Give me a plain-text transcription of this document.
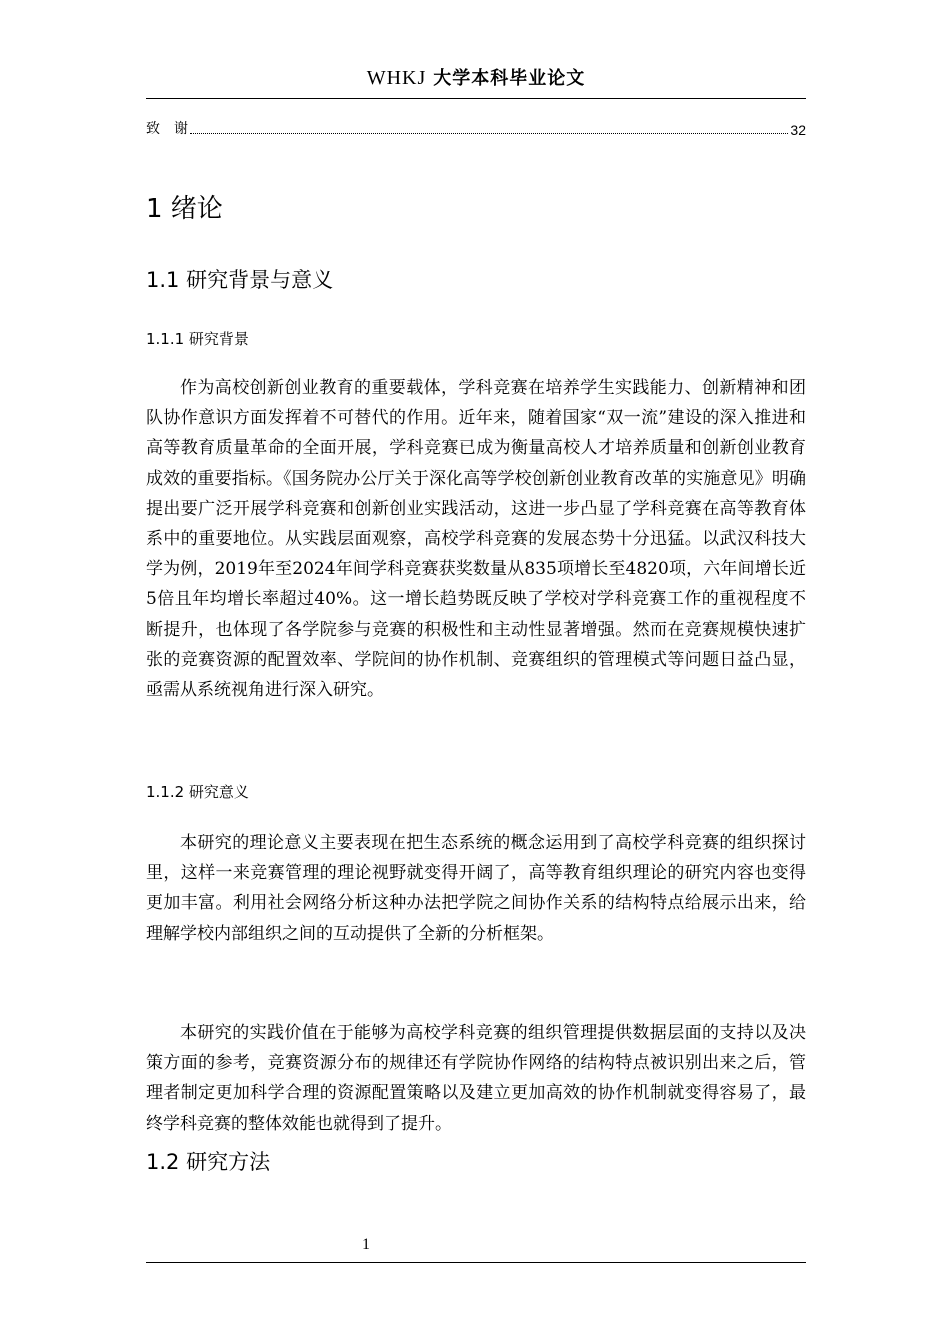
WHKJ 大学本科毕业论文
致　谢	32
1 绪论
1.1 研究背景与意义
1.1.1 研究背景
作为高校创新创业教育的重要载体，学科竞赛在培养学生实践能力、创新精神和团队协作意识方面发挥着不可替代的作用。近年来，随着国家“双一流”建设的深入推进和高等教育质量革命的全面开展，学科竞赛已成为衡量高校人才培养质量和创新创业教育成效的重要指标。《国务院办公厅关于深化高等学校创新创业教育改革的实施意见》明确提出要广泛开展学科竞赛和创新创业实践活动，这进一步凸显了学科竞赛在高等教育体系中的重要地位。从实践层面观察，高校学科竞赛的发展态势十分迅猛。以武汉科技大学为例，2019年至2024年间学科竞赛获奖数量从835项增长至4820项，六年间增长近5倍且年均增长率超过40%。这一增长趋势既反映了学校对学科竞赛工作的重视程度不断提升，也体现了各学院参与竞赛的积极性和主动性显著增强。然而在竞赛规模快速扩张的竞赛资源的配置效率、学院间的协作机制、竞赛组织的管理模式等问题日益凸显，亟需从系统视角进行深入研究。
1.1.2 研究意义
本研究的理论意义主要表现在把生态系统的概念运用到了高校学科竞赛的组织探讨里，这样一来竞赛管理的理论视野就变得开阔了，高等教育组织理论的研究内容也变得更加丰富。利用社会网络分析这种办法把学院之间协作关系的结构特点给展示出来，给理解学校内部组织之间的互动提供了全新的分析框架。
本研究的实践价值在于能够为高校学科竞赛的组织管理提供数据层面的支持以及决策方面的参考，竞赛资源分布的规律还有学院协作网络的结构特点被识别出来之后，管理者制定更加科学合理的资源配置策略以及建立更加高效的协作机制就变得容易了，最终学科竞赛的整体效能也就得到了提升。
1.2 研究方法
1
